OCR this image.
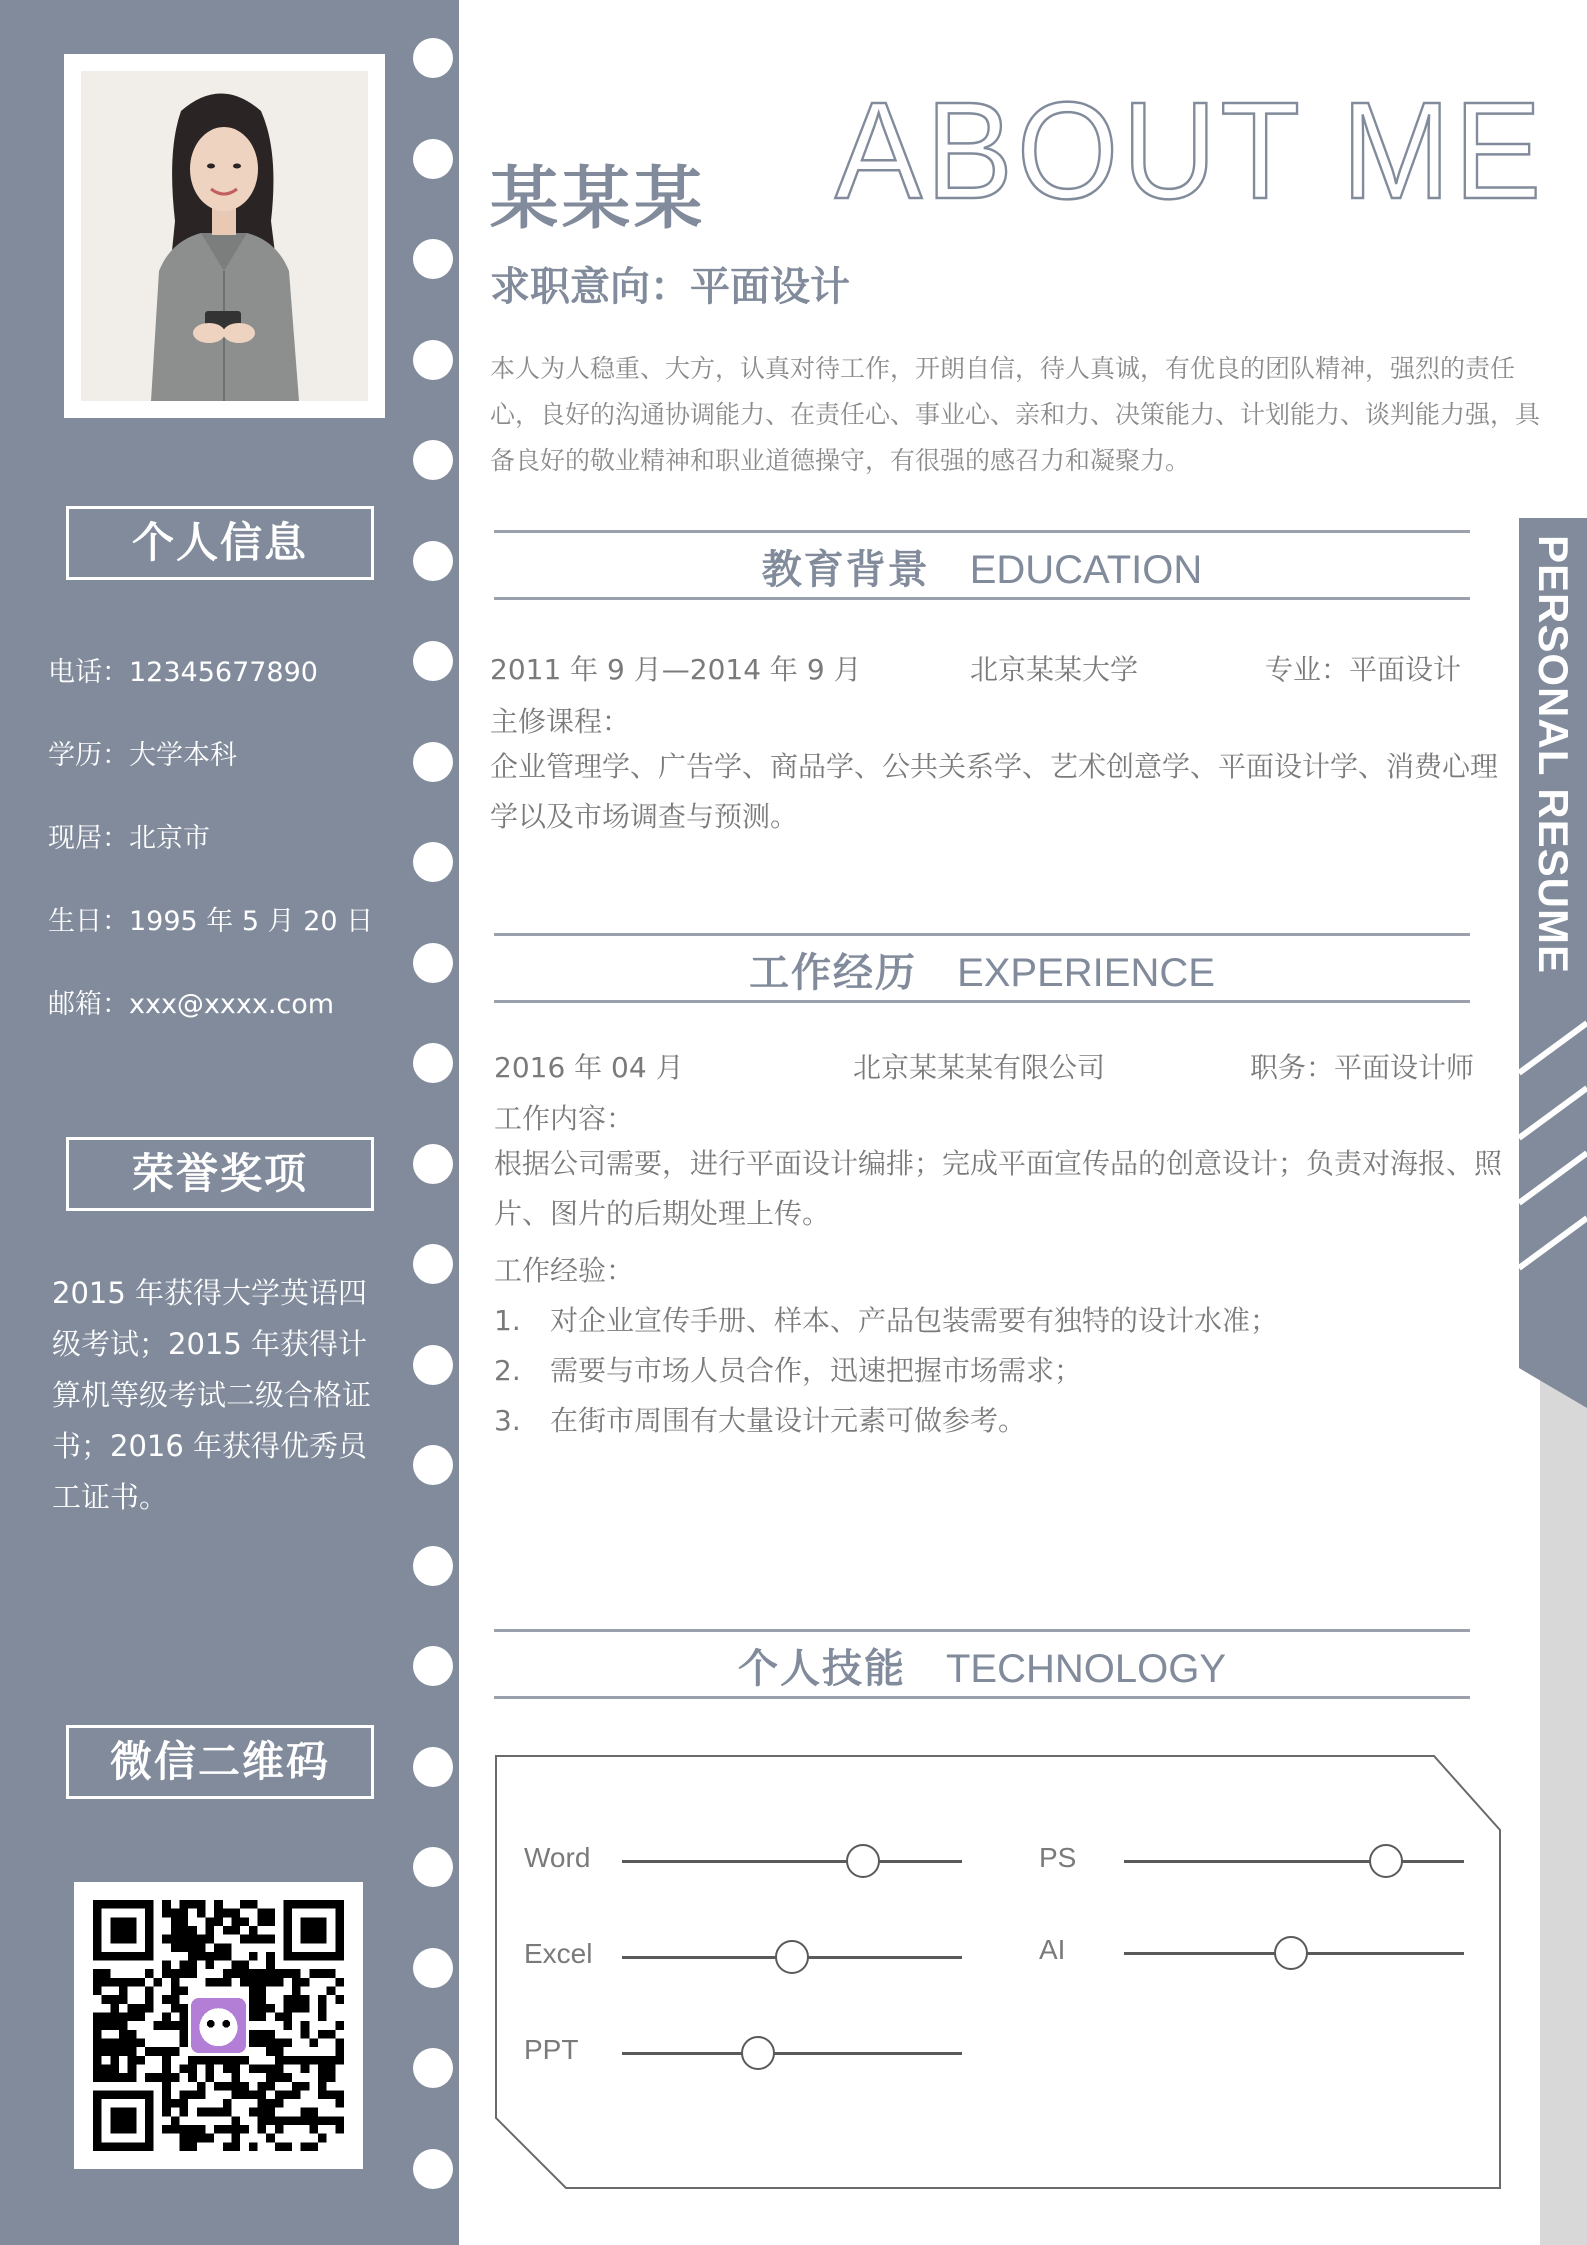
个人信息
电话：12345677890
学历：大学本科
现居：北京市
生日：1995 年 5 月 20 日
邮箱：xxx@xxxx.com
荣誉奖项
2015 年获得大学英语四级考试；2015 年获得计算机等级考试二级合格证书；2016 年获得优秀员工证书。
微信二维码
PERSONAL RESUME
ABOUT ME
某某某
求职意向：平面设计
本人为人稳重、大方，认真对待工作，开朗自信，待人真诚，有优良的团队精神，强烈的责任心，良好的沟通协调能力、在责任心、事业心、亲和力、决策能力、计划能力、谈判能力强，具备良好的敬业精神和职业道德操守，有很强的感召力和凝聚力。
教育背景 EDUCATION
2011 年 9 月—2014 年 9 月	北京某某大学	专业：平面设计
主修课程：
企业管理学、广告学、商品学、公共关系学、艺术创意学、平面设计学、消费心理学以及市场调查与预测。
工作经历 EXPERIENCE
2016 年 04 月	北京某某某有限公司	职务：平面设计师
工作内容：
根据公司需要，进行平面设计编排；完成平面宣传品的创意设计；负责对海报、照片、图片的后期处理上传。
工作经验：
1. 对企业宣传手册、样本、产品包装需要有独特的设计水准；
2. 需要与市场人员合作，迅速把握市场需求；
3. 在街市周围有大量设计元素可做参考。
个人技能 TECHNOLOGY
Word	PS
Excel	AI
PPT
